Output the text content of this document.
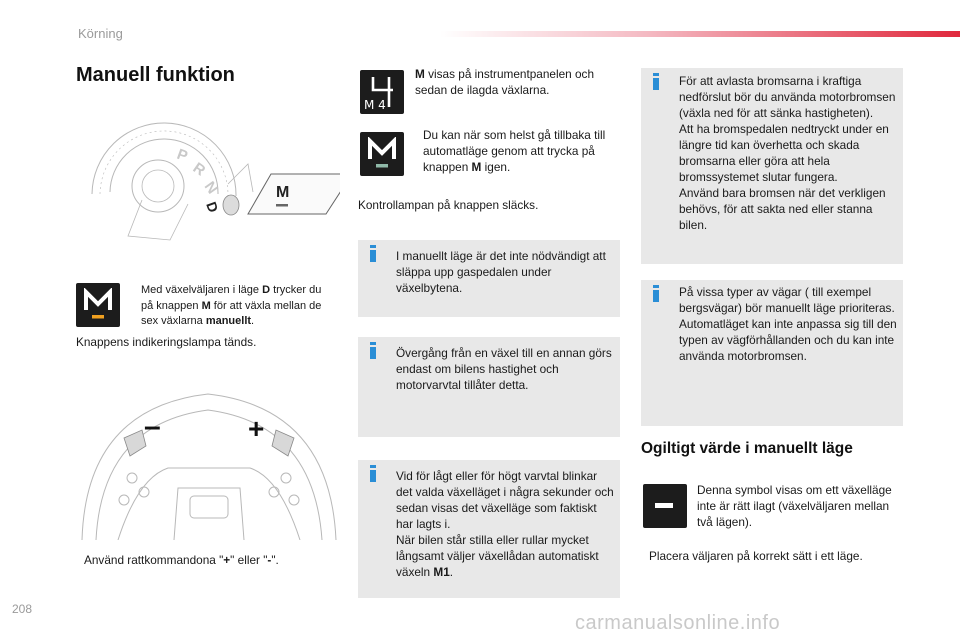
Körning
Manuell funktion
P
R
N
D
M
Med växelväljaren i läge D trycker du på knappen M för att växla mellan de sex växlarna manuellt.
Knappens indikeringslampa tänds.
–	+
Använd rattkommandona "+" eller "-".
M 4
M visas på instrumentpanelen och sedan de ilagda växlarna.
Du kan när som helst gå tillbaka till automatläge genom att trycka på knappen M igen.
Kontrollampan på knappen släcks.
I manuellt läge är det inte nödvändigt att släppa upp gaspedalen under växelbytena.
Övergång från en växel till en annan görs endast om bilens hastighet och motorvarvtal tillåter detta.
Vid för lågt eller för högt varvtal blinkar det valda växelläget i några sekunder och sedan visas det växelläge som faktiskt har lagts i.
När bilen står stilla eller rullar mycket långsamt väljer växellådan automatiskt växeln M1.
För att avlasta bromsarna i kraftiga nedförslut bör du använda motorbromsen (växla ned för att sänka hastigheten).
Att ha bromspedalen nedtryckt under en längre tid kan överhetta och skada bromsarna eller göra att hela bromssystemet slutar fungera.
Använd bara bromsen när det verkligen behövs, för att sakta ned eller stanna bilen.
På vissa typer av vägar ( till exempel bergsvägar) bör manuellt läge prioriteras.
Automatläget kan inte anpassa sig till den typen av vägförhållanden och du kan inte använda motorbromsen.
Ogiltigt värde i manuellt läge
Denna symbol visas om ett växelläge inte är rätt ilagt (växelväljaren mellan två lägen).
Placera väljaren på korrekt sätt i ett läge.
208
carmanualsonline.info
